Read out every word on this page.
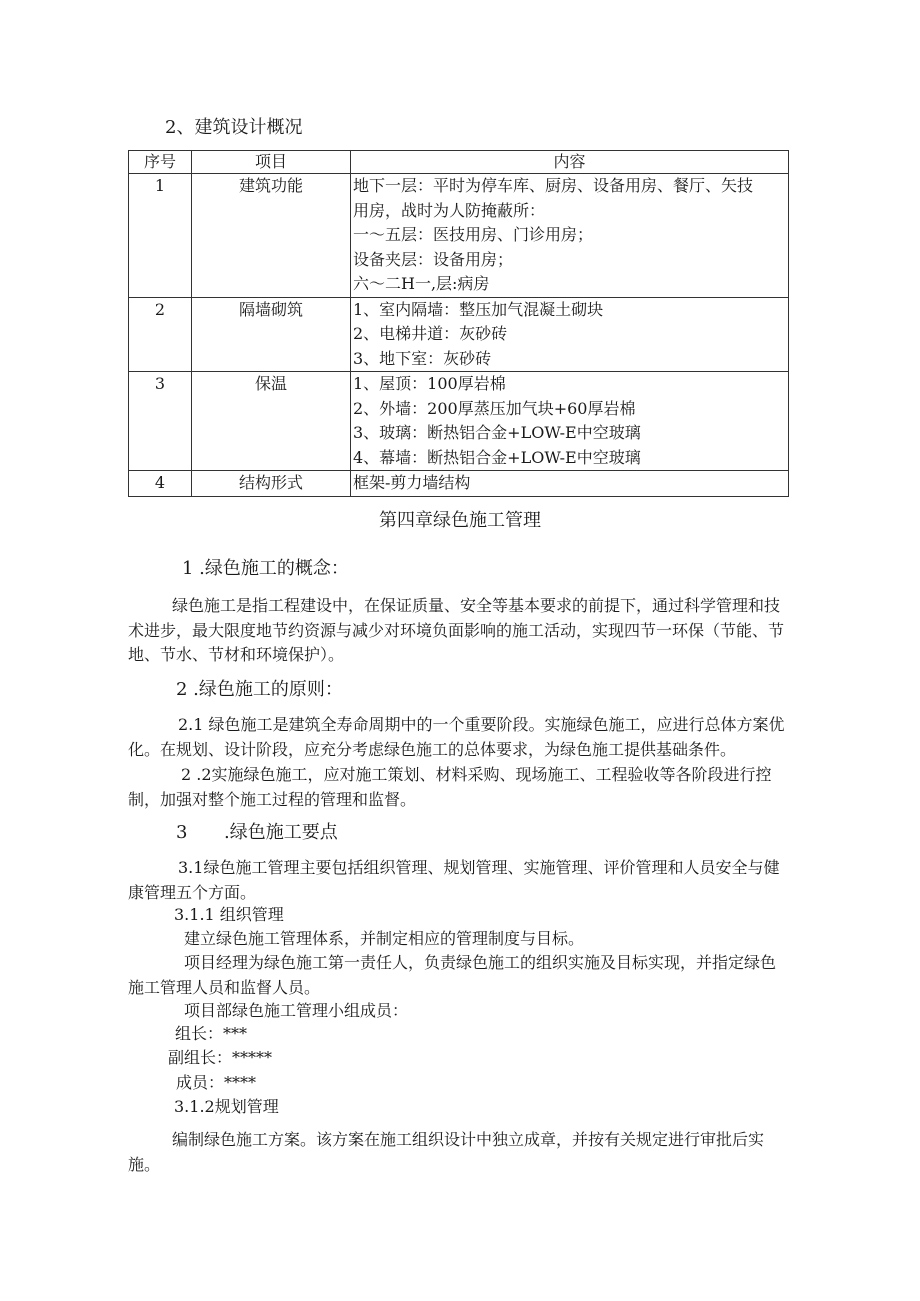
2、建筑设计概况
序号	项目	内容
1	建筑功能	地下一层：平时为停车库、厨房、设备用房、餐厅、矢技
用房，战时为人防掩蔽所：
一～五层：医技用房、门诊用房；
设备夹层：设备用房；
六～二H一,层:病房

2	隔墙砌筑	1、室内隔墙：整压加气混凝土砌块
2、电梯井道：灰砂砖
3、地下室：灰砂砖

3	保温	1、屋顶：100厚岩棉
2、外墙：200厚蒸压加气块+60厚岩棉
3、玻璃：断热铝合金+LOW-E中空玻璃
4、幕墙：断热铝合金+LOW-E中空玻璃

4	结构形式	框架-剪力墙结构
第四章绿色施工管理
1 .绿色施工的概念：
绿色施工是指工程建设中，在保证质量、安全等基本要求的前提下，通过科学管理和技术进步，最大限度地节约资源与减少对环境负面影响的施工活动，实现四节一环保（节能、节地、节水、节材和环境保护）。
2 .绿色施工的原则：
2.1 绿色施工是建筑全寿命周期中的一个重要阶段。实施绿色施工，应进行总体方案优化。在规划、设计阶段，应充分考虑绿色施工的总体要求，为绿色施工提供基础条件。
2 .2实施绿色施工，应对施工策划、材料采购、现场施工、工程验收等各阶段进行控制，加强对整个施工过程的管理和监督。
3 .绿色施工要点
3.1绿色施工管理主要包括组织管理、规划管理、实施管理、评价管理和人员安全与健康管理五个方面。
3.1.1 组织管理
建立绿色施工管理体系，并制定相应的管理制度与目标。
项目经理为绿色施工第一责任人，负责绿色施工的组织实施及目标实现，并指定绿色施工管理人员和监督人员。
项目部绿色施工管理小组成员：
组长：***
副组长：*****
成员：****
3.1.2规划管理
编制绿色施工方案。该方案在施工组织设计中独立成章，并按有关规定进行审批后实施。
